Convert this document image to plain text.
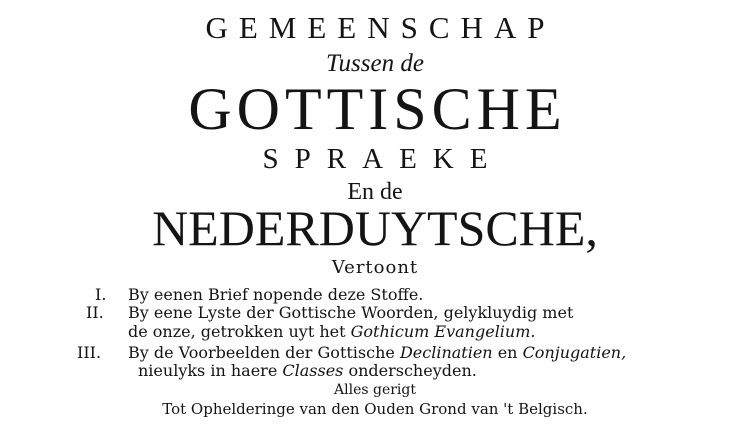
GEMEENSCHAP
Tussen de
GOTTISCHE
SPRAEKE
En de
NEDERDUYTSCHE,
Vertoont
I. By eenen Brief nopende deze Stoffe.
II. By eene Lyste der Gottische Woorden, gelykluydig met
de onze, getrokken uyt het Gothicum Evangelium.
III. By de Voorbeelden der Gottische Declinatien en Conjugatien,
nieulyks in haere Classes onderscheyden.
Alles gerigt
Tot Ophelderinge van den Ouden Grond van 't Belgisch.
